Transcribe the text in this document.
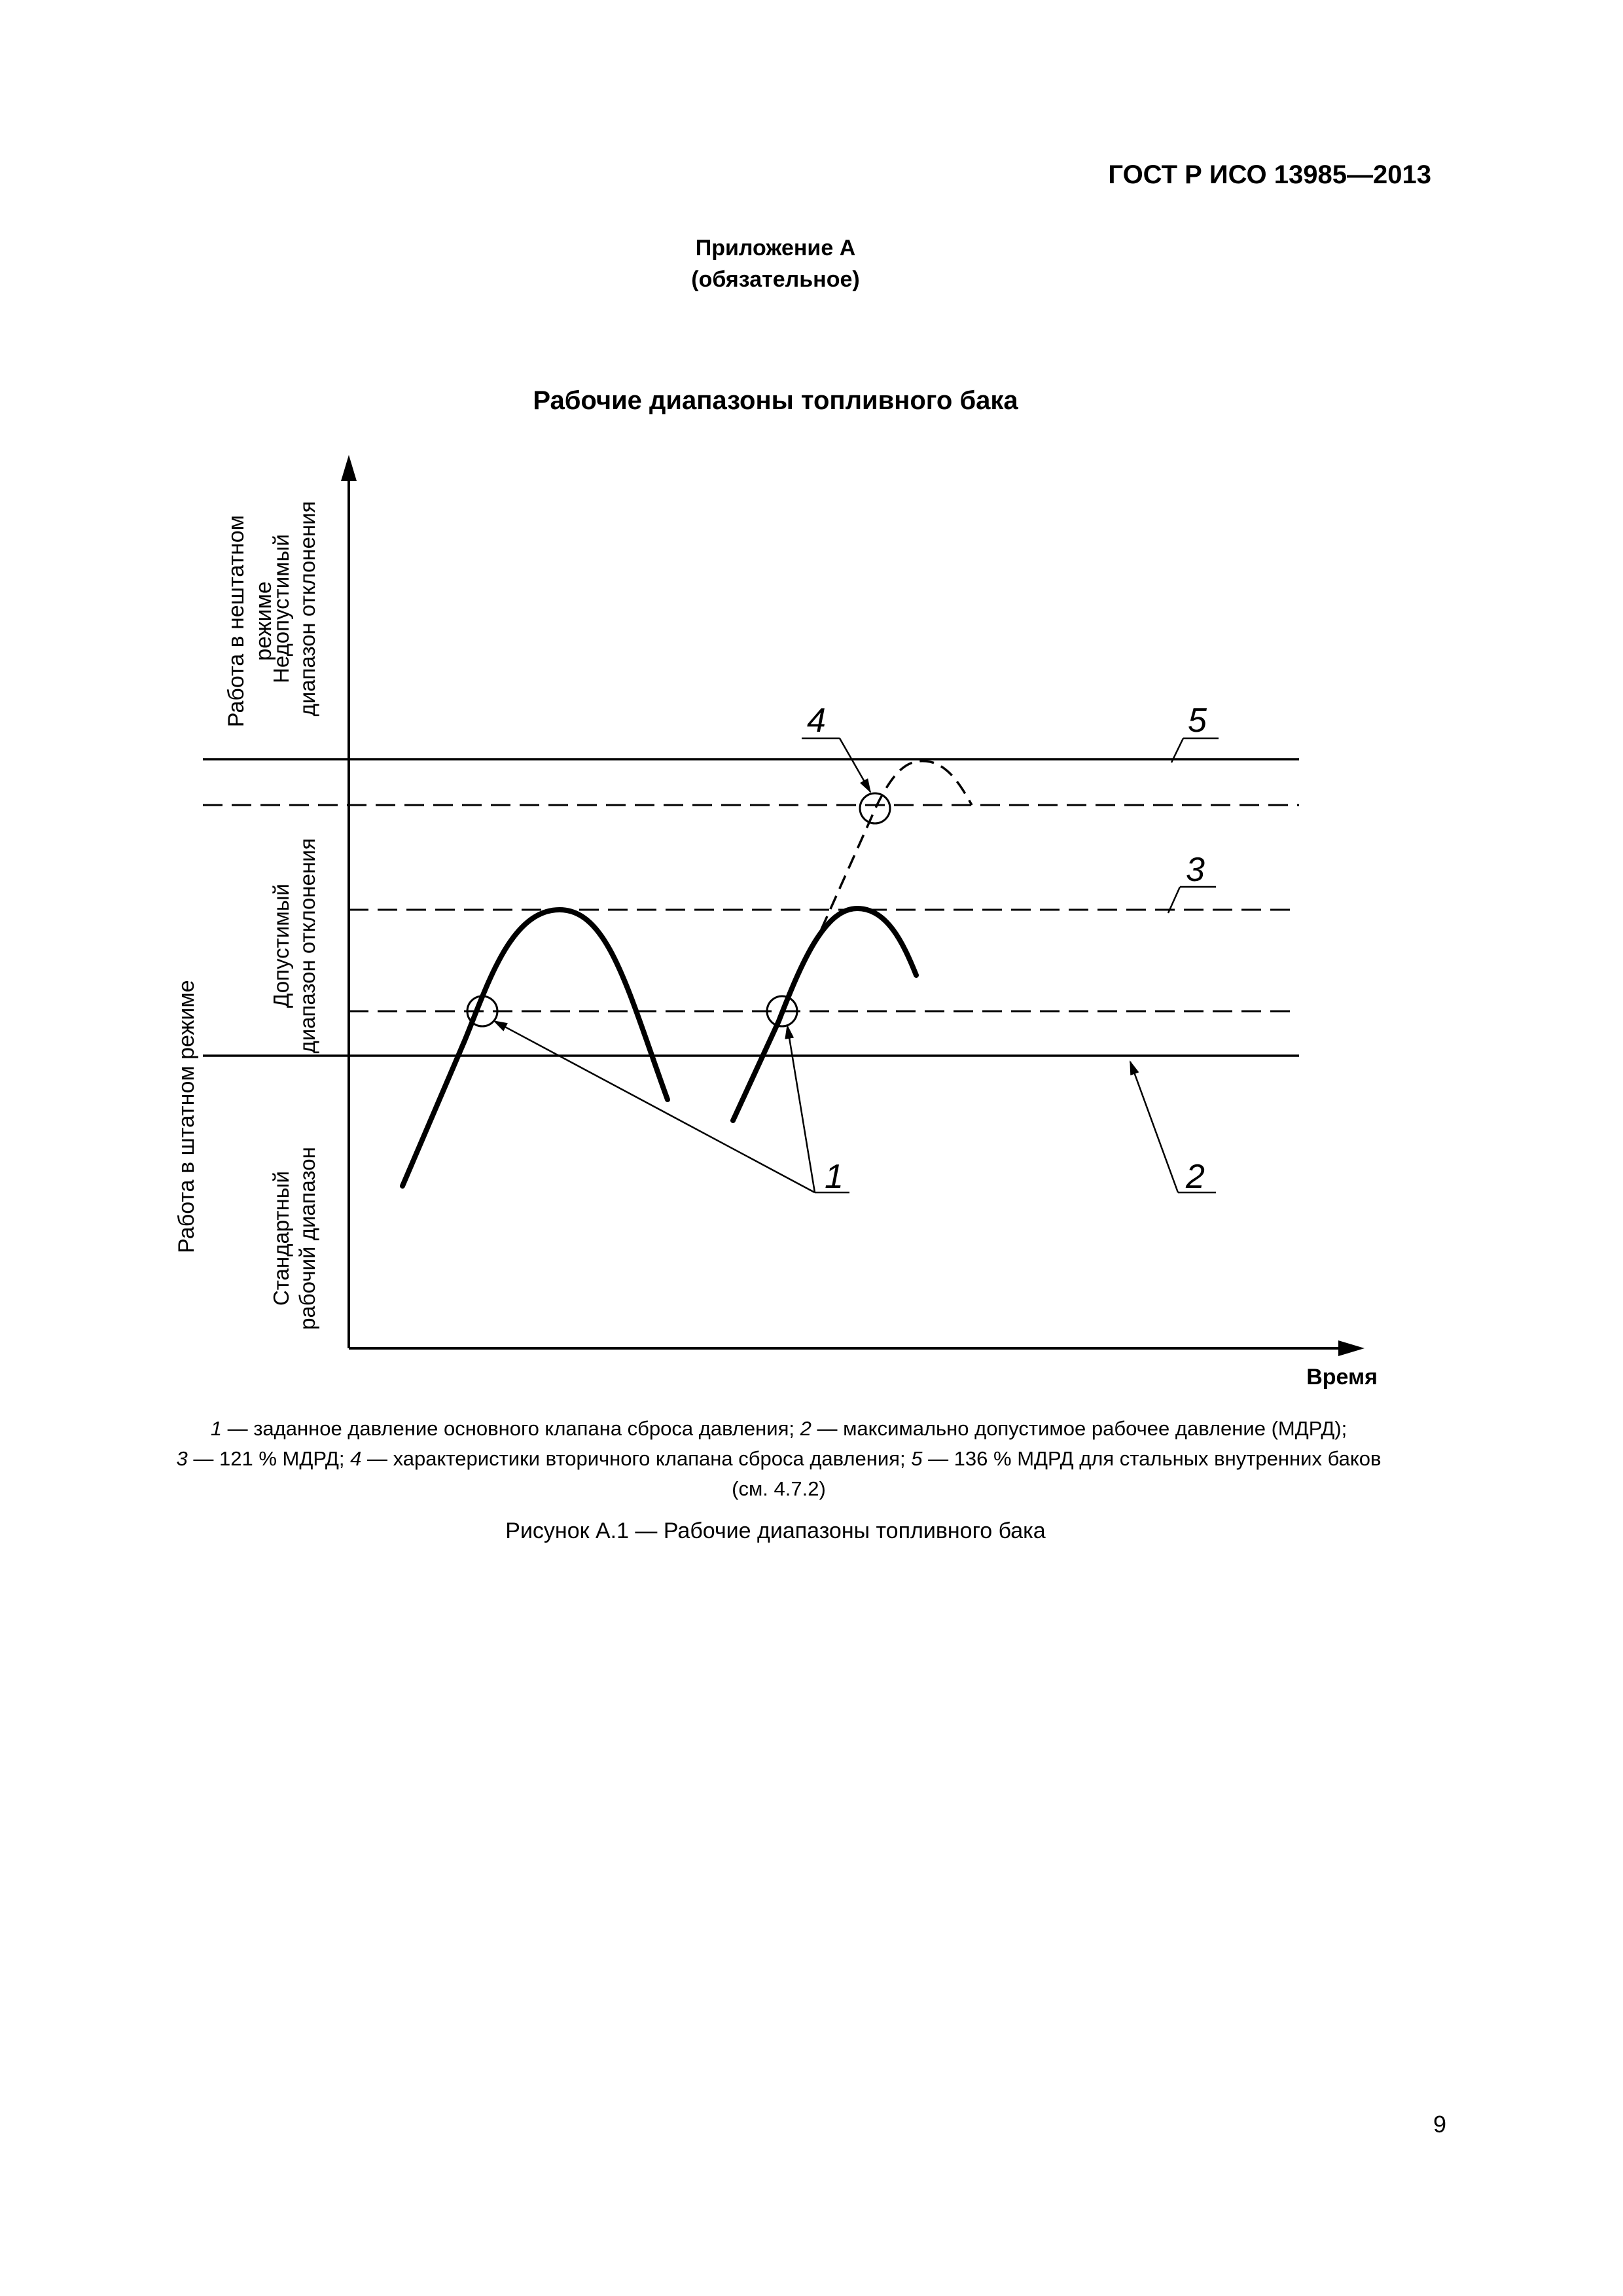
ГОСТ Р ИСО 13985—2013
Приложение А
(обязательное)
Рабочие диапазоны топливного бака
1	2
3
4	5
Работа в нештатном режиме
Работа в штатном режиме
Недопустимый диапазон отклонения
Допустимый диапазон отклонения
Стандартный рабочий диапазон
Время
1 — заданное давление основного клапана сброса давления; 2 — максимально допустимое рабочее давление (МДРД);
3 — 121 % МДРД; 4 — характеристики вторичного клапана сброса давления; 5 — 136 % МДРД для стальных внутренних баков
(см. 4.7.2)
Рисунок А.1 — Рабочие диапазоны топливного бака
9
